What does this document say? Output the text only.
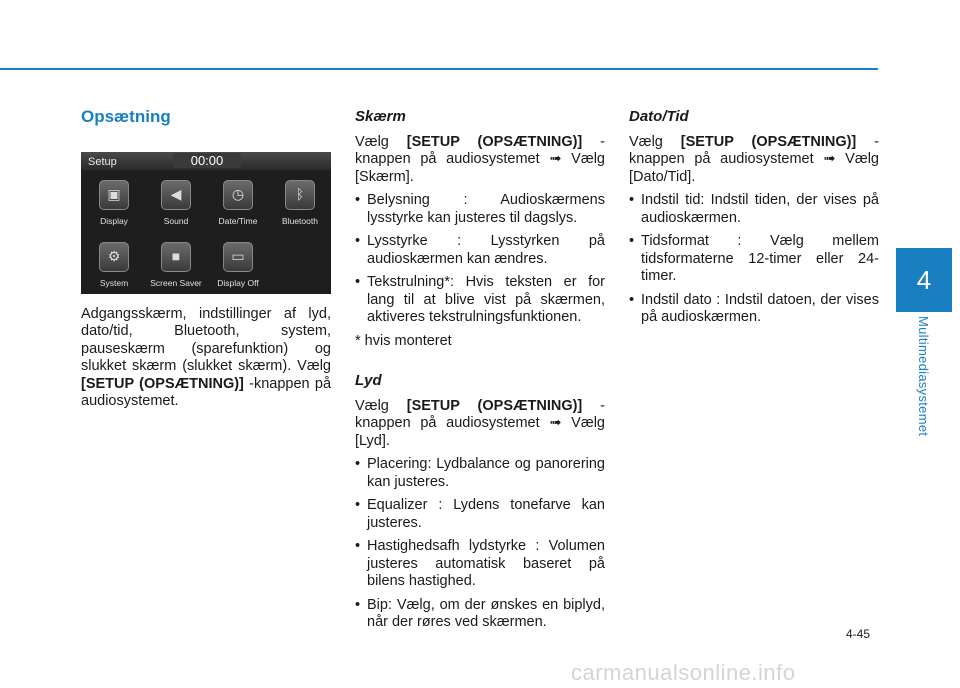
4
Multimediasystemet
Opsætning
Setup	00:00
▣
Display
◀
Sound
◷
Date/Time
ᛒ
Bluetooth
⚙
System
■
Screen Saver
▭
Display Off

Adgangsskærm, indstillinger af lyd, dato/tid, Bluetooth, system, pauseskærm (sparefunktion) og slukket skærm (slukket skærm). Vælg [SETUP (OPSÆTNING)] -knappen på audiosystemet.

Skærm

Vælg [SETUP (OPSÆTNING)] -knappen på audiosystemet ➟ Vælg [Skærm].

• Belysning : Audioskærmens lysstyrke kan justeres til dagslys.
• Lysstyrke : Lysstyrken på audioskærmen kan ændres.
• Tekstrulning*: Hvis teksten er for lang til at blive vist på skærmen, aktiveres tekstrulningsfunktionen.

* hvis monteret

Lyd

Vælg [SETUP (OPSÆTNING)] -knappen på audiosystemet ➟ Vælg [Lyd].

• Placering: Lydbalance og panorering kan justeres.
• Equalizer : Lydens tonefarve kan justeres.
• Hastighedsafh lydstyrke : Volumen justeres automatisk baseret på bilens hastighed.
• Bip: Vælg, om der ønskes en biplyd, når der røres ved skærmen.
Dato/Tid

Vælg [SETUP (OPSÆTNING)] -knappen på audiosystemet ➟ Vælg [Dato/Tid].

• Indstil tid: Indstil tiden, der vises på audioskærmen.
• Tidsformat : Vælg mellem tidsformaterne 12-timer eller 24-timer.
• Indstil dato : Indstil datoen, der vises på audioskærmen.
4-45
carmanualsonline.info
